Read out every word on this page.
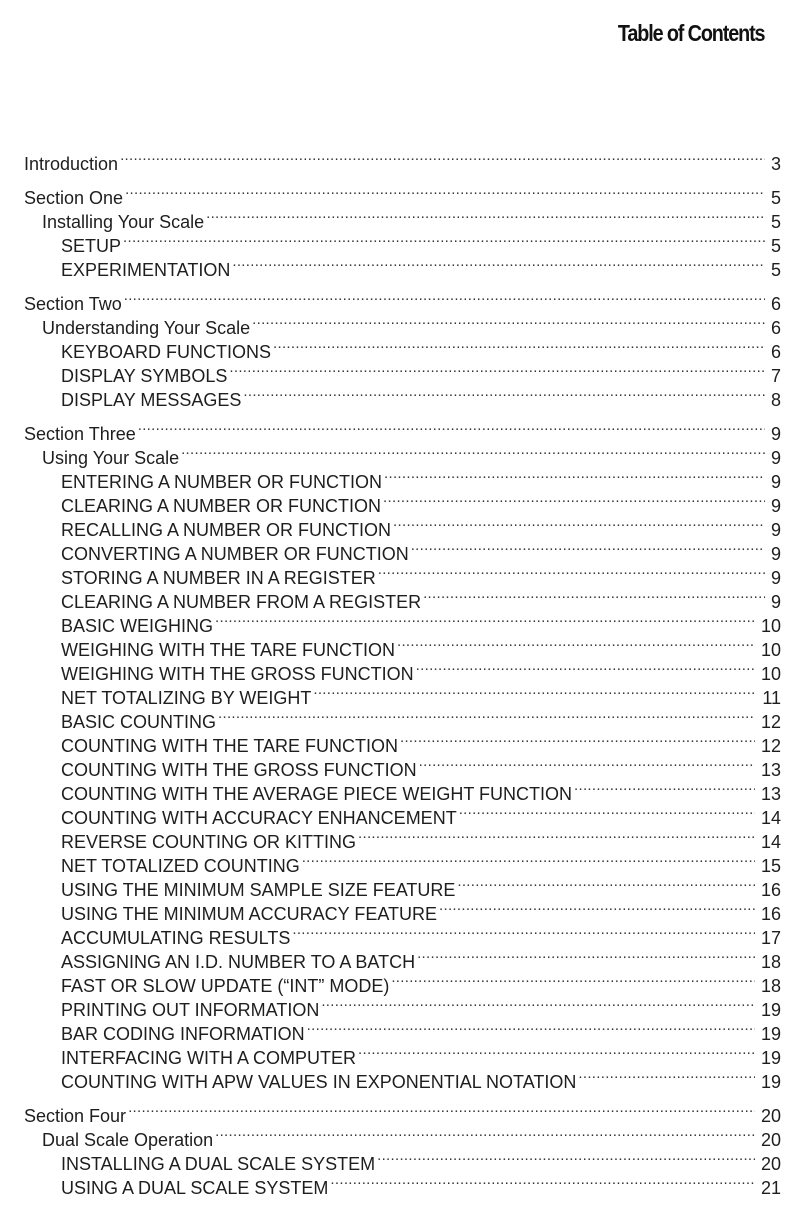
Table of Contents
Introduction .....	3
Section One .....	5
Installing Your Scale .....	5
SETUP .....	5
EXPERIMENTATION .....	5
Section Two .....	6
Understanding Your Scale .....	6
KEYBOARD FUNCTIONS .....	6
DISPLAY SYMBOLS .....	7
DISPLAY MESSAGES .....	8
Section Three .....	9
Using Your Scale .....	9
ENTERING A NUMBER OR FUNCTION .....	9
CLEARING A NUMBER OR FUNCTION .....	9
RECALLING A NUMBER OR FUNCTION .....	9
CONVERTING A NUMBER OR FUNCTION .....	9
STORING A NUMBER IN A REGISTER .....	9
CLEARING A NUMBER FROM A REGISTER .....	9
BASIC WEIGHING .....	10
WEIGHING WITH THE TARE FUNCTION .....	10
WEIGHING WITH THE GROSS FUNCTION .....	10
NET TOTALIZING BY WEIGHT .....	11
BASIC COUNTING .....	12
COUNTING WITH THE TARE FUNCTION .....	12
COUNTING WITH THE GROSS FUNCTION .....	13
COUNTING WITH THE AVERAGE PIECE WEIGHT FUNCTION .....	13
COUNTING WITH ACCURACY ENHANCEMENT .....	14
REVERSE COUNTING OR KITTING .....	14
NET TOTALIZED COUNTING .....	15
USING THE MINIMUM SAMPLE SIZE FEATURE .....	16
USING THE MINIMUM ACCURACY FEATURE .....	16
ACCUMULATING RESULTS .....	17
ASSIGNING AN I.D. NUMBER TO A BATCH .....	18
FAST OR SLOW UPDATE (“INT” MODE) .....	18
PRINTING OUT INFORMATION .....	19
BAR CODING INFORMATION .....	19
INTERFACING WITH A COMPUTER .....	19
COUNTING WITH APW VALUES IN EXPONENTIAL NOTATION .....	19
Section Four .....	20
Dual Scale Operation .....	20
INSTALLING A DUAL SCALE SYSTEM .....	20
USING A DUAL SCALE SYSTEM .....	21
